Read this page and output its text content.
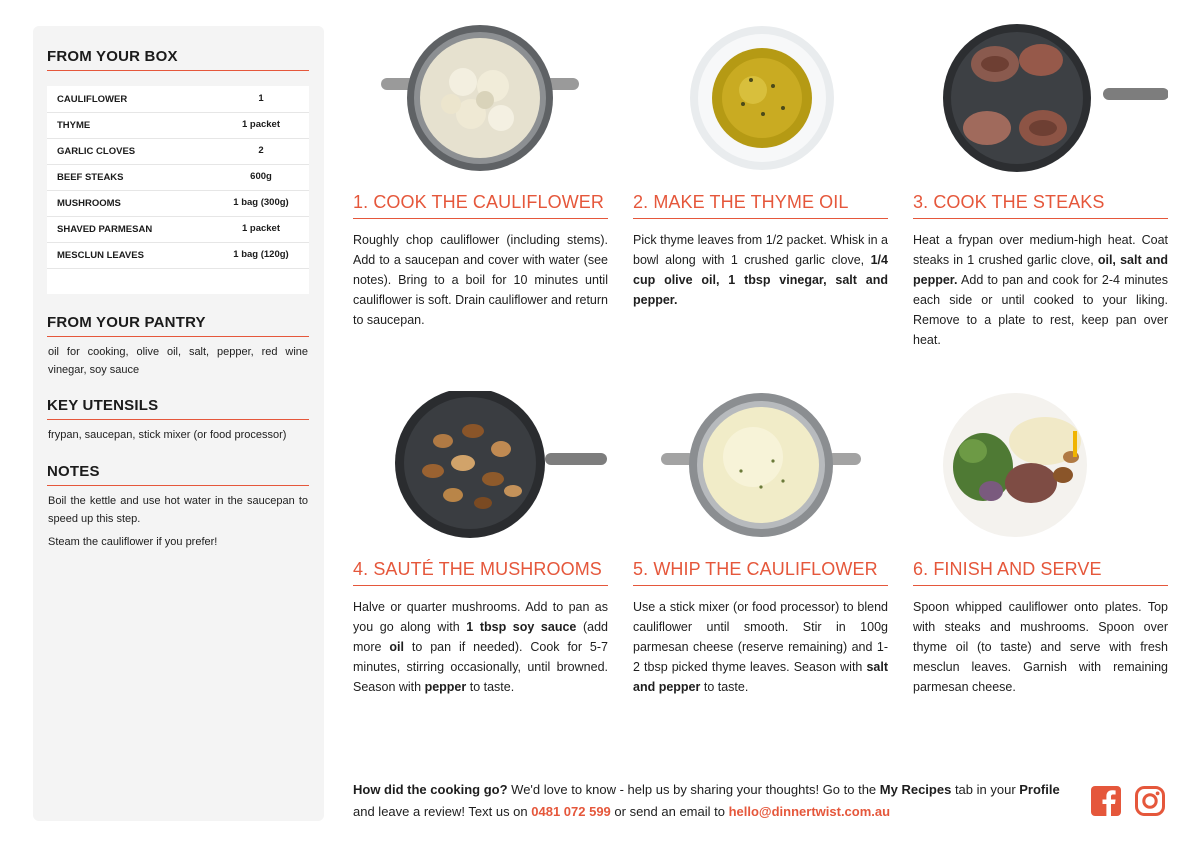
FROM YOUR BOX
CAULIFLOWER	1
THYME	1 packet
GARLIC CLOVES	2
BEEF STEAKS	600g
MUSHROOMS	1 bag (300g)
SHAVED PARMESAN	1 packet
MESCLUN LEAVES	1 bag (120g)
FROM YOUR PANTRY
oil for cooking, olive oil, salt, pepper, red wine vinegar, soy sauce
KEY UTENSILS
frypan, saucepan, stick mixer (or food processor)
NOTES
Boil the kettle and use hot water in the saucepan to speed up this step.
Steam the cauliflower if you prefer!
1. COOK THE CAULIFLOWER

Roughly chop cauliflower (including stems). Add to a saucepan and cover with water (see notes). Bring to a boil for 10 minutes until cauliflower is soft. Drain cauliflower and return to saucepan.

2. MAKE THE THYME OIL

Pick thyme leaves from 1/2 packet. Whisk in a bowl along with 1 crushed garlic clove, 1/4 cup olive oil, 1 tbsp vinegar, salt and pepper.

3. COOK THE STEAKS

Heat a frypan over medium-high heat. Coat steaks in 1 crushed garlic clove, oil, salt and pepper. Add to pan and cook for 2-4 minutes each side or until cooked to your liking. Remove to a plate to rest, keep pan over heat.

4. SAUTÉ THE MUSHROOMS

Halve or quarter mushrooms. Add to pan as you go along with 1 tbsp soy sauce (add more oil to pan if needed). Cook for 5-7 minutes, stirring occasionally, until browned. Season with pepper to taste.

5. WHIP THE CAULIFLOWER

Use a stick mixer (or food processor) to blend cauliflower until smooth. Stir in 100g parmesan cheese (reserve remaining) and 1-2 tbsp picked thyme leaves. Season with salt and pepper to taste.

6. FINISH AND SERVE

Spoon whipped cauliflower onto plates. Top with steaks and mushrooms. Spoon over thyme oil (to taste) and serve with fresh mesclun leaves. Garnish with remaining parmesan cheese.

How did the cooking go? We'd love to know - help us by sharing your thoughts! Go to the My Recipes tab in your Profile and leave a review! Text us on 0481 072 599 or send an email to hello@dinnertwist.com.au
